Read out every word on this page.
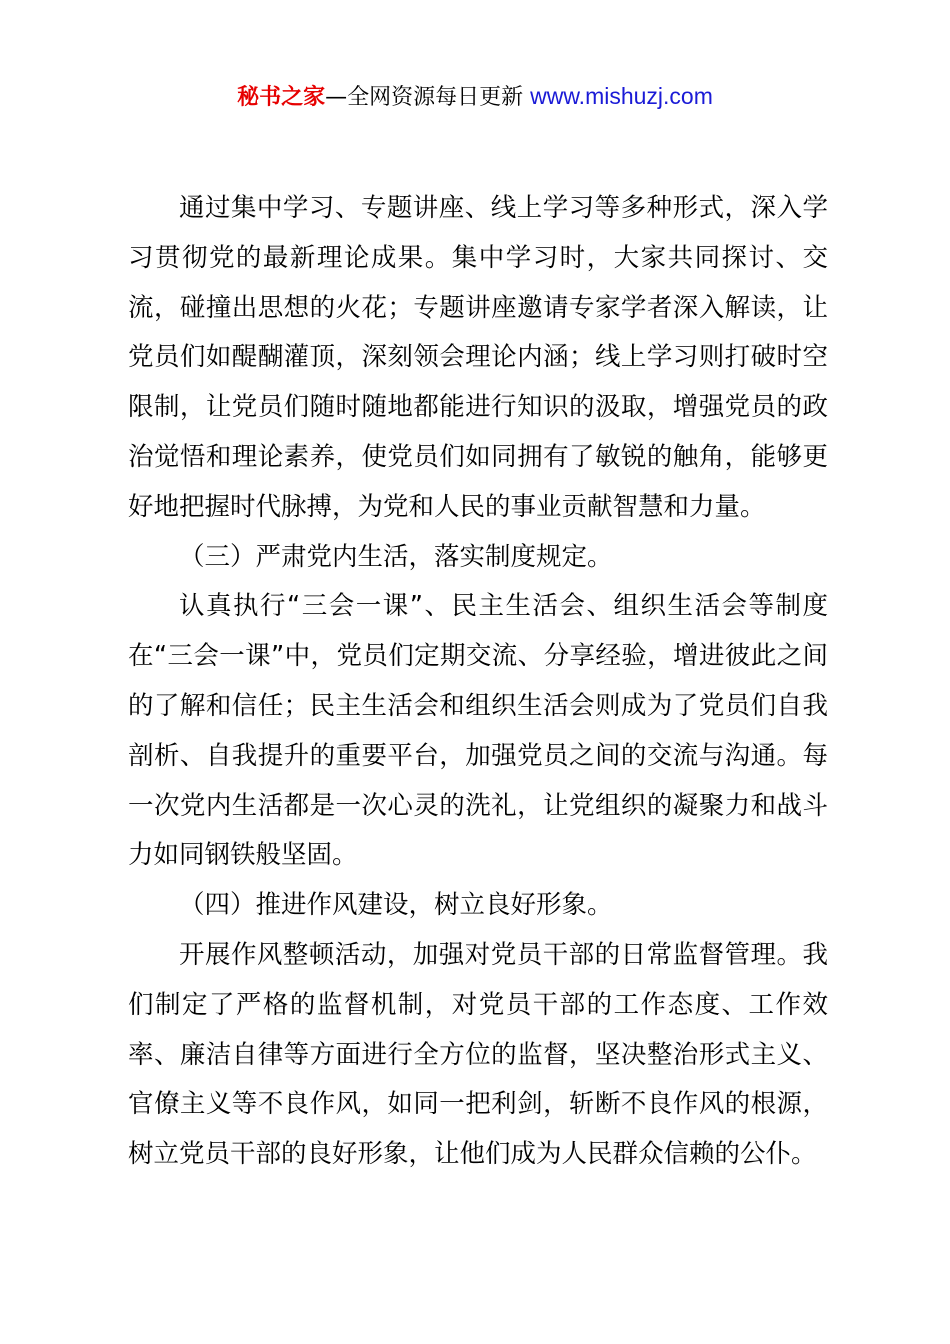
秘书之家—全网资源每日更新 www.mishuzj.com

通过集中学习、专题讲座、线上学习等多种形式，深入学习贯彻党的最新理论成果。集中学习时，大家共同探讨、交流，碰撞出思想的火花；专题讲座邀请专家学者深入解读，让党员们如醍醐灌顶，深刻领会理论内涵；线上学习则打破时空限制，让党员们随时随地都能进行知识的汲取，增强党员的政治觉悟和理论素养，使党员们如同拥有了敏锐的触角，能够更好地把握时代脉搏，为党和人民的事业贡献智慧和力量。

（三）严肃党内生活，落实制度规定。

认真执行“三会一课”、民主生活会、组织生活会等制度在“三会一课”中，党员们定期交流、分享经验，增进彼此之间的了解和信任；民主生活会和组织生活会则成为了党员们自我剖析、自我提升的重要平台，加强党员之间的交流与沟通。每一次党内生活都是一次心灵的洗礼，让党组织的凝聚力和战斗力如同钢铁般坚固。

（四）推进作风建设，树立良好形象。

开展作风整顿活动，加强对党员干部的日常监督管理。我们制定了严格的监督机制，对党员干部的工作态度、工作效率、廉洁自律等方面进行全方位的监督，坚决整治形式主义、官僚主义等不良作风，如同一把利剑，斩断不良作风的根源，树立党员干部的良好形象，让他们成为人民群众信赖的公仆。
